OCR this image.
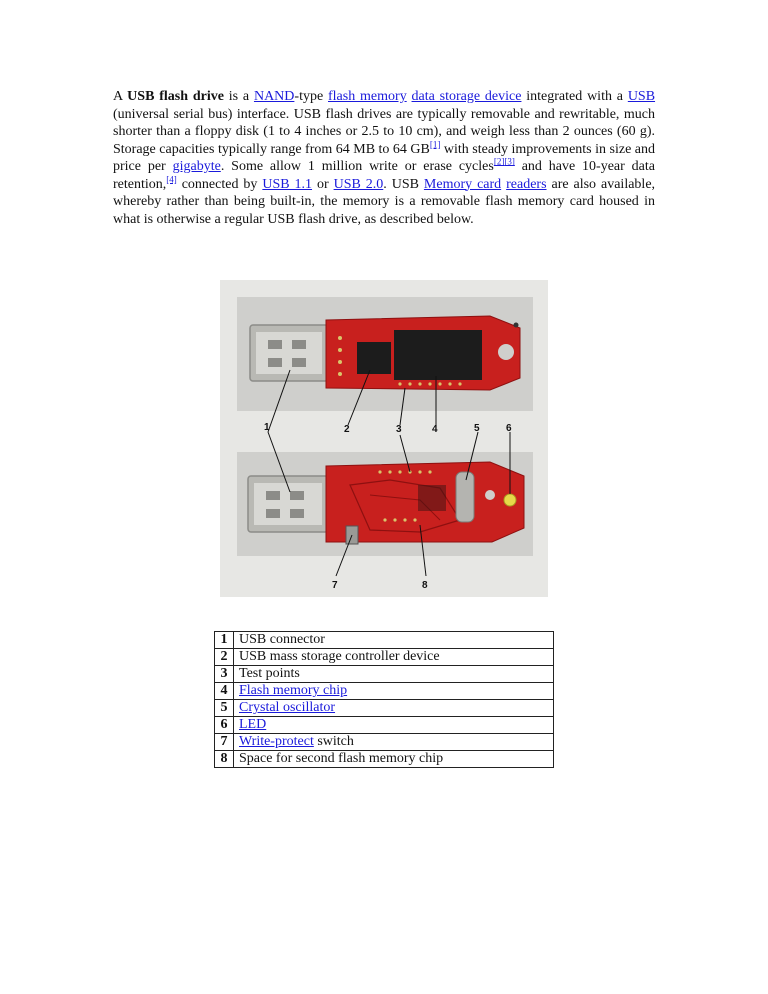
A USB flash drive is a NAND-type flash memory data storage device integrated with a USB (universal serial bus) interface. USB flash drives are typically removable and rewritable, much shorter than a floppy disk (1 to 4 inches or 2.5 to 10 cm), and weigh less than 2 ounces (60 g). Storage capacities typically range from 64 MB to 64 GB[1] with steady improvements in size and price per gigabyte. Some allow 1 million write or erase cycles[2][3] and have 10-year data retention,[4] connected by USB 1.1 or USB 2.0. USB Memory card readers are also available, whereby rather than being built-in, the memory is a removable flash memory card housed in what is otherwise a regular USB flash drive, as described below.
1	2	3	4	5	6
7	8
1	USB connector
2	USB mass storage controller device
3	Test points
4	Flash memory chip
5	Crystal oscillator
6	LED
7	Write-protect switch
8	Space for second flash memory chip
